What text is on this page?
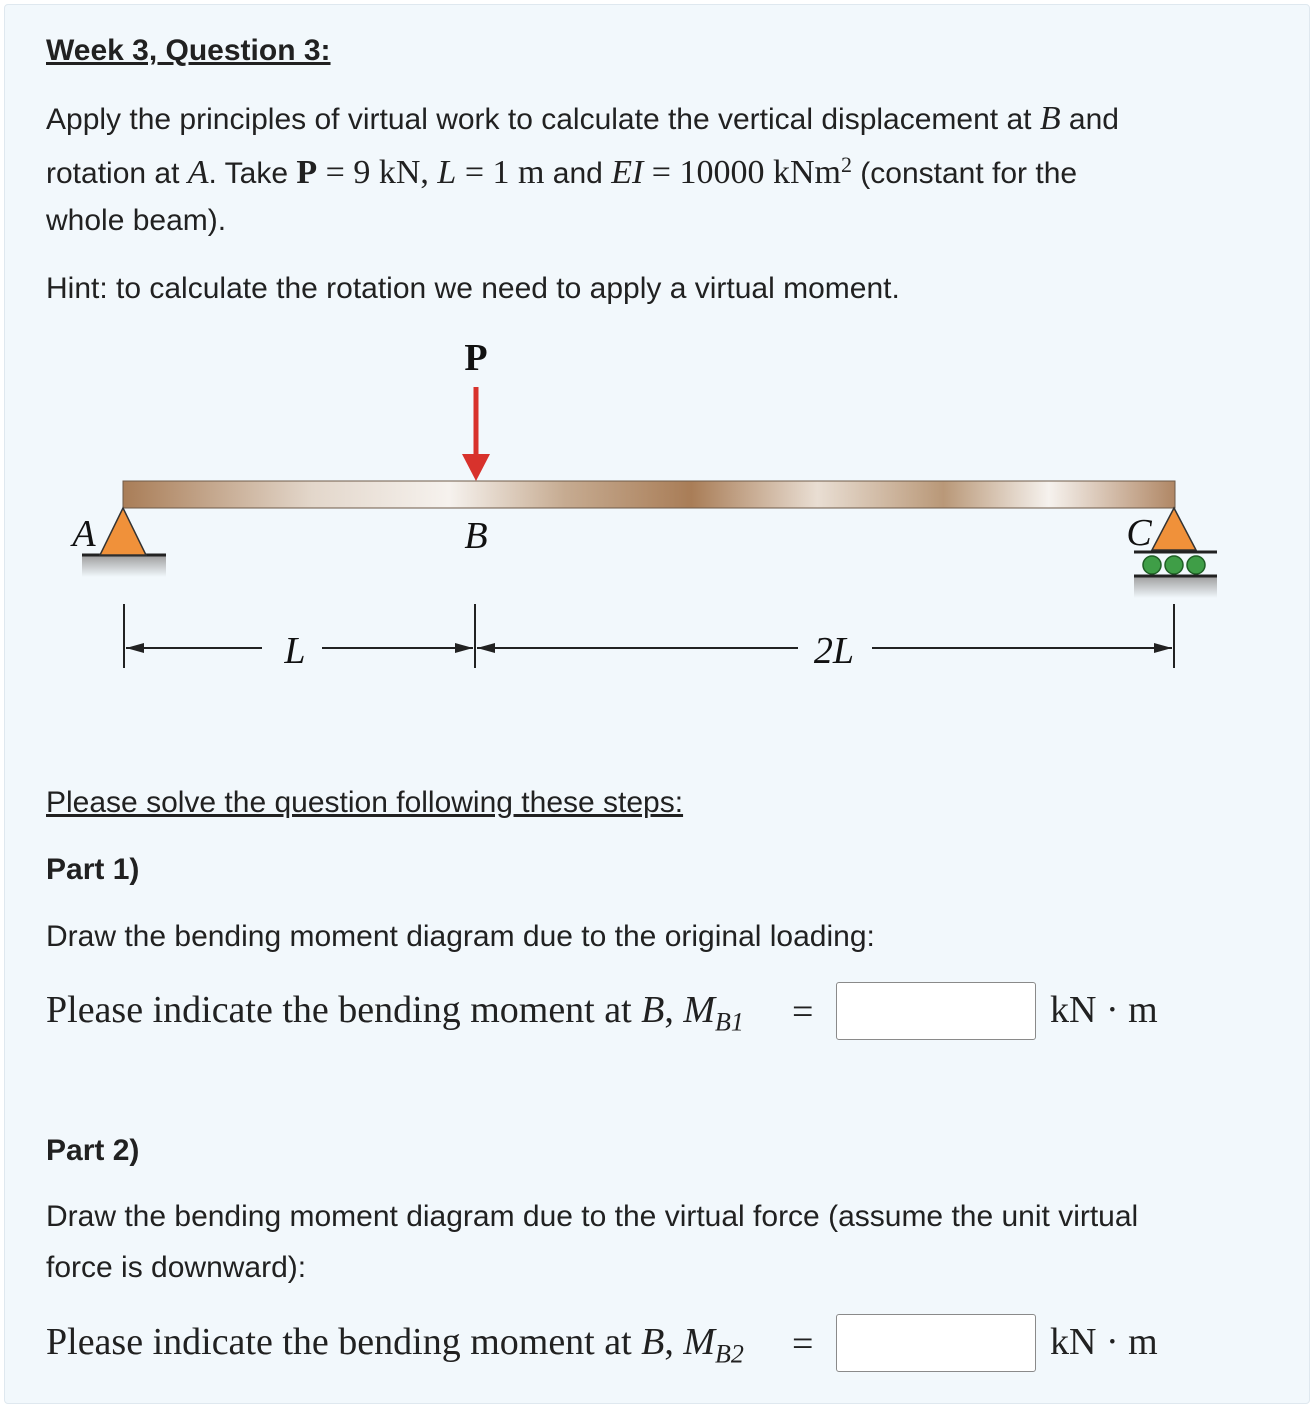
Week 3, Question 3:
Apply the principles of virtual work to calculate the vertical displacement at B and
rotation at A. Take P = 9 kN, L = 1 m and EI = 10000 kNm$^2$ (constant for the
whole beam).
Hint: to calculate the rotation we need to apply a virtual moment.
P
A	B	C
L	2L
Please solve the question following these steps:
Part 1)
Draw the bending moment diagram due to the original loading:
Please indicate the bending moment at B, $M_{B1}$ =	kN · m
Part 2)
Draw the bending moment diagram due to the virtual force (assume the unit virtual
force is downward):
Please indicate the bending moment at B, $M_{B2}$ =	kN · m
